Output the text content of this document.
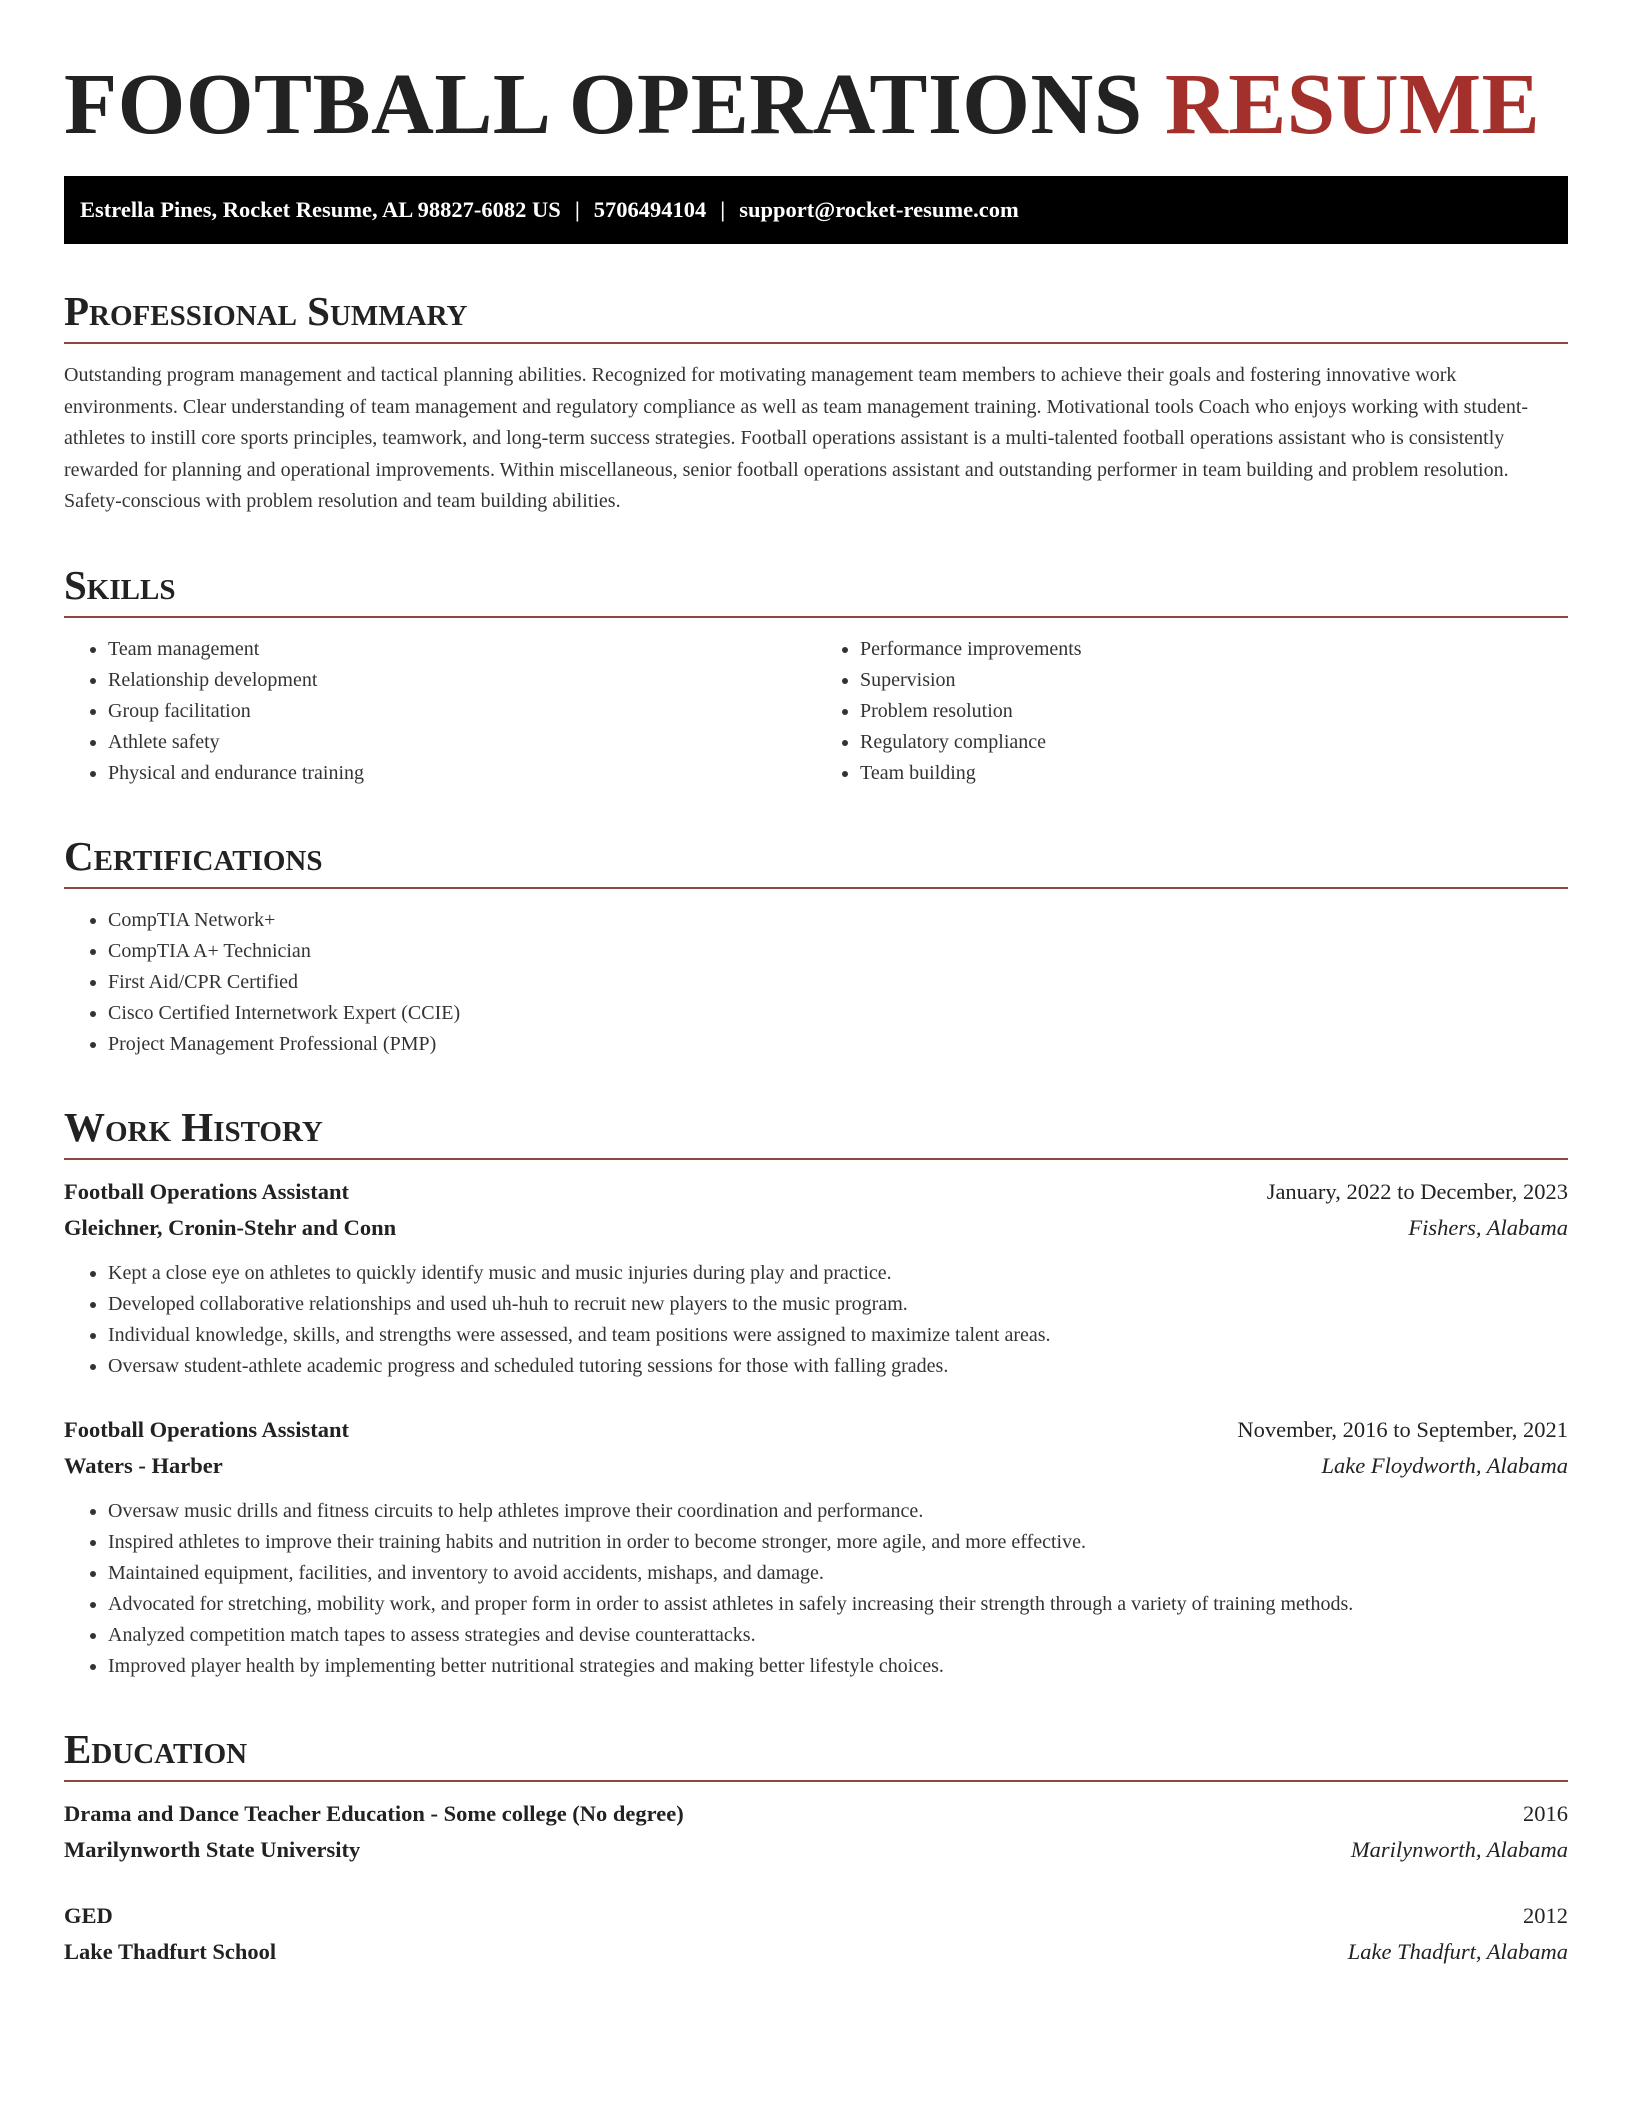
FOOTBALL OPERATIONS RESUME
Estrella Pines, Rocket Resume, AL 98827-6082 US | 5706494104 | support@rocket-resume.com
Professional Summary

Outstanding program management and tactical planning abilities. Recognized for motivating management team members to achieve their goals and fostering innovative work environments. Clear understanding of team management and regulatory compliance as well as team management training. Motivational tools Coach who enjoys working with student-athletes to instill core sports principles, teamwork, and long-term success strategies. Football operations assistant is a multi-talented football operations assistant who is consistently rewarded for planning and operational improvements. Within miscellaneous, senior football operations assistant and outstanding performer in team building and problem resolution. Safety-conscious with problem resolution and team building abilities.

Skills
• Team management
• Relationship development
• Group facilitation
• Athlete safety
• Physical and endurance training
• Performance improvements
• Supervision
• Problem resolution
• Regulatory compliance
• Team building
Certifications
• CompTIA Network+
• CompTIA A+ Technician
• First Aid/CPR Certified
• Cisco Certified Internetwork Expert (CCIE)
• Project Management Professional (PMP)
Work History
Football Operations Assistant	January, 2022 to December, 2023
Gleichner, Cronin-Stehr and Conn	Fishers, Alabama
• Kept a close eye on athletes to quickly identify music and music injuries during play and practice.
• Developed collaborative relationships and used uh-huh to recruit new players to the music program.
• Individual knowledge, skills, and strengths were assessed, and team positions were assigned to maximize talent areas.
• Oversaw student-athlete academic progress and scheduled tutoring sessions for those with falling grades.
Football Operations Assistant	November, 2016 to September, 2021
Waters - Harber	Lake Floydworth, Alabama
• Oversaw music drills and fitness circuits to help athletes improve their coordination and performance.
• Inspired athletes to improve their training habits and nutrition in order to become stronger, more agile, and more effective.
• Maintained equipment, facilities, and inventory to avoid accidents, mishaps, and damage.
• Advocated for stretching, mobility work, and proper form in order to assist athletes in safely increasing their strength through a variety of training methods.
• Analyzed competition match tapes to assess strategies and devise counterattacks.
• Improved player health by implementing better nutritional strategies and making better lifestyle choices.
Education
Drama and Dance Teacher Education - Some college (No degree)	2016
Marilynworth State University	Marilynworth, Alabama
GED	2012
Lake Thadfurt School	Lake Thadfurt, Alabama
